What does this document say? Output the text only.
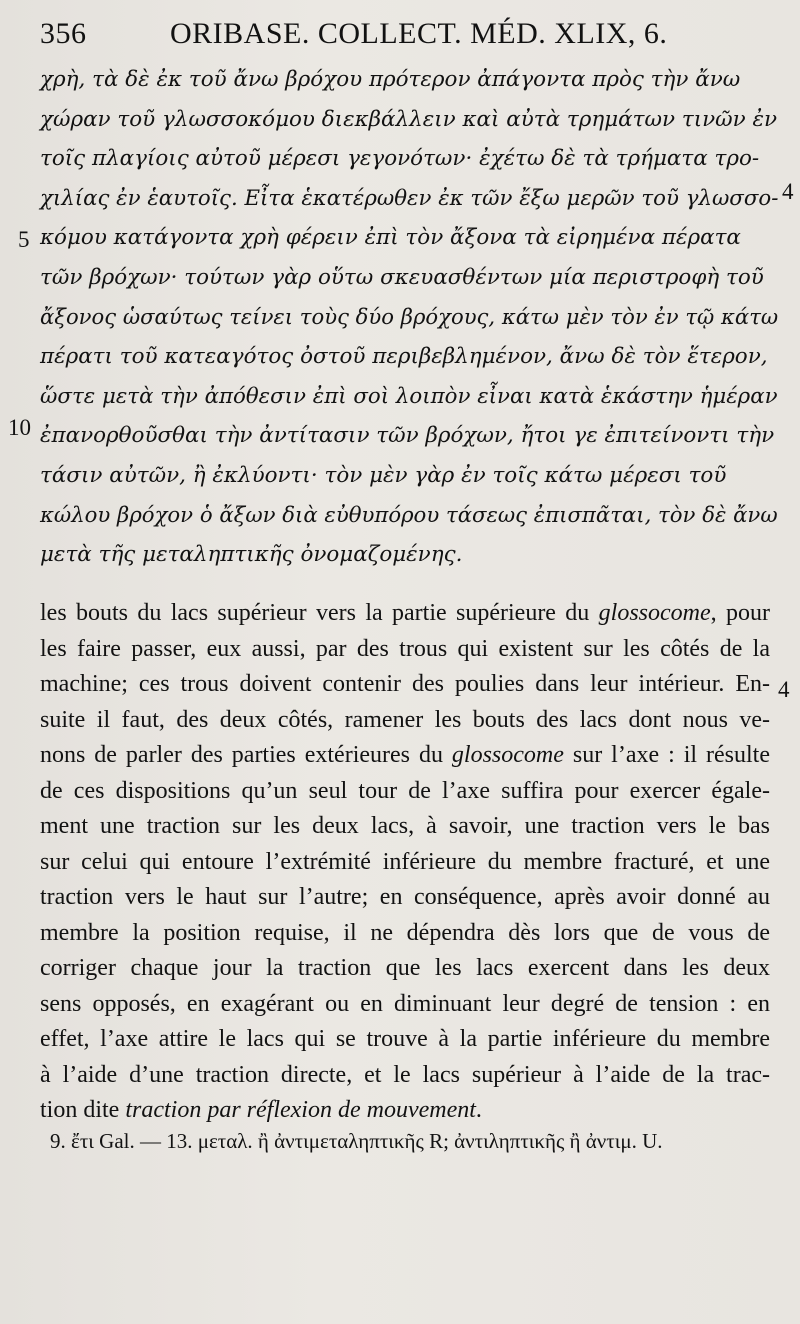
356	ORIBASE. COLLECT. MÉD. XLIX, 6.
χρὴ, τὰ δὲ ἐκ τοῦ ἄνω βρόχου πρότερον ἀπάγοντα πρὸς τὴν ἄνω
χώραν τοῦ γλωσσοκόμου διεκβάλλειν καὶ αὐτὰ τρημάτων τινῶν ἐν
τοῖς πλαγίοις αὐτοῦ μέρεσι γεγονότων· ἐχέτω δὲ τὰ τρήματα τρο-
χιλίας ἐν ἑαυτοῖς. Εἶτα ἑκατέρωθεν ἐκ τῶν ἔξω μερῶν τοῦ γλωσσο-
κόμου κατάγοντα χρὴ φέρειν ἐπὶ τὸν ἄξονα τὰ εἰρημένα πέρατα
τῶν βρόχων· τούτων γὰρ οὕτω σκευασθέντων μία περιστροφὴ τοῦ
ἄξονος ὡσαύτως τείνει τοὺς δύο βρόχους, κάτω μὲν τὸν ἐν τῷ κάτω
πέρατι τοῦ κατεαγότος ὀστοῦ περιβεβλημένον, ἄνω δὲ τὸν ἕτερον,
ὥστε μετὰ τὴν ἀπόθεσιν ἐπὶ σοὶ λοιπὸν εἶναι κατὰ ἑκάστην ἡμέραν
ἐπανορθοῦσθαι τὴν ἀντίτασιν τῶν βρόχων, ἤτοι γε ἐπιτείνοντι τὴν
τάσιν αὐτῶν, ἢ ἐκλύοντι· τὸν μὲν γὰρ ἐν τοῖς κάτω μέρεσι τοῦ
κώλου βρόχον ὁ ἄξων διὰ εὐθυπόρου τάσεως ἐπισπᾶται, τὸν δὲ ἄνω
μετὰ τῆς μεταληπτικῆς ὀνομαζομένης.
5
10
4
4
les bouts du lacs supérieur vers la partie supérieure du glossocome, pour
les faire passer, eux aussi, par des trous qui existent sur les côtés de la
machine; ces trous doivent contenir des poulies dans leur intérieur. En-
suite il faut, des deux côtés, ramener les bouts des lacs dont nous ve-
nons de parler des parties extérieures du glossocome sur l’axe : il résulte
de ces dispositions qu’un seul tour de l’axe suffira pour exercer égale-
ment une traction sur les deux lacs, à savoir, une traction vers le bas
sur celui qui entoure l’extrémité inférieure du membre fracturé, et une
traction vers le haut sur l’autre; en conséquence, après avoir donné au
membre la position requise, il ne dépendra dès lors que de vous de
corriger chaque jour la traction que les lacs exercent dans les deux
sens opposés, en exagérant ou en diminuant leur degré de tension : en
effet, l’axe attire le lacs qui se trouve à la partie inférieure du membre
à l’aide d’une traction directe, et le lacs supérieur à l’aide de la trac-
tion dite traction par réflexion de mouvement.
9. ἔτι Gal. — 13. μεταλ. ἢ ἀντιμεταληπτικῆς R; ἀντιληπτικῆς ἢ ἀντιμ. U.
